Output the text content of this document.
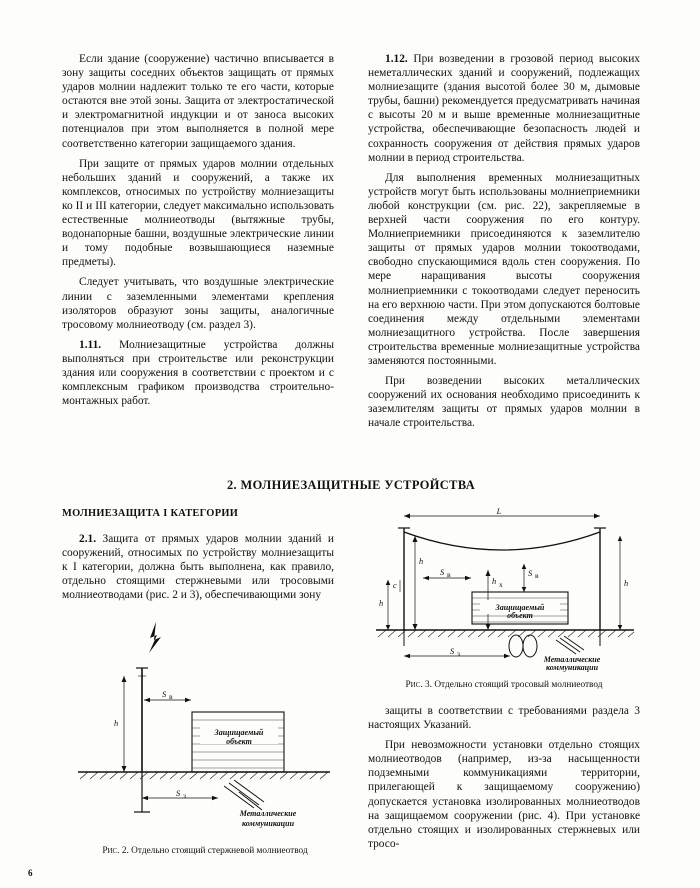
Если здание (сооружение) частично вписывается в зону защиты соседних объектов защищать от прямых ударов молнии надлежит только те его части, которые остаются вне этой зоны. Защита от электростатической и электромагнитной индукции и от заноса высоких потенциалов при этом выполняется в полной мере соответственно категории защищаемого здания.

При защите от прямых ударов молнии отдельных небольших зданий и сооружений, а также их комплексов, относимых по устройству молниезащиты ко II и III категории, следует максимально использовать естественные молниеотводы (вытяжные трубы, водонапорные башни, воздушные электрические линии и тому подобные возвышающиеся наземные предметы).

Следует учитывать, что воздушные электрические линии с заземленными элементами крепления изоляторов образуют зоны защиты, аналогичные тросовому молниеотводу (см. раздел 3).

1.11. Молниезащитные устройства должны выполняться при строительстве или реконструкции здания или сооружения в соответствии с проектом и с комплексным графиком производства строительно-монтажных работ.

1.12. При возведении в грозовой период высоких неметаллических зданий и сооружений, подлежащих молниезащите (здания высотой более 30 м, дымовые трубы, башни) рекомендуется предусматривать начиная с высоты 20 м и выше временные молниезащитные устройства, обеспечивающие безопасность людей и сохранность сооружения от действия прямых ударов молнии в период строительства.

Для выполнения временных молниезащитных устройств могут быть использованы молниеприемники любой конструкции (см. рис. 22), закрепляемые в верхней части сооружения по его контуру. Молниеприемники присоединяются к заземлителю защиты от прямых ударов молнии токоотводами, свободно спускающимися вдоль стен сооружения. По мере наращивания высоты сооружения молниеприемники с токоотводами следует переносить на его верхнюю части. При этом допускаются болтовые соединения между отдельными элементами молниезащитного устройства. После завершения строительства временные молниезащитные устройства заменяются постоянными.

При возведении высоких металлических сооружений их основания необходимо присоединить к заземлителям защиты от прямых ударов молнии в начале строительства.

2. МОЛНИЕЗАЩИТНЫЕ УСТРОЙСТВА
МОЛНИЕЗАЩИТА I КАТЕГОРИИ

2.1. Защита от прямых ударов молнии зданий и сооружений, относимых по устройству молниезащиты к I категории, должна быть выполнена, как правило, отдельно стоящими стержневыми или тросовыми молниеотводами (рис. 2 и 3), обеспечивающими зону

защиты в соответствии с требованиями раздела 3 настоящих Указаний.

При невозможности установки отдельно стоящих молниеотводов (например, из-за насыщенности подземными коммуникациями территории, прилегающей к защищаемому сооружению) допускается установка изолированных молниеотводов на защищаемом сооружении (рис. 4). При установке отдельно стоящих и изолированных стержневых или тросо-

L
h
h х
Защищаемый
объект
S в	S в
h
c	h
S з
Металлические
коммуникации
Рис. 3. Отдельно стоящий тросовый молниеотвод
h
Защищаемый
объект
S в
S з
Металлические
коммуникации
Рис. 2. Отдельно стоящий стержневой молниеотвод
6
